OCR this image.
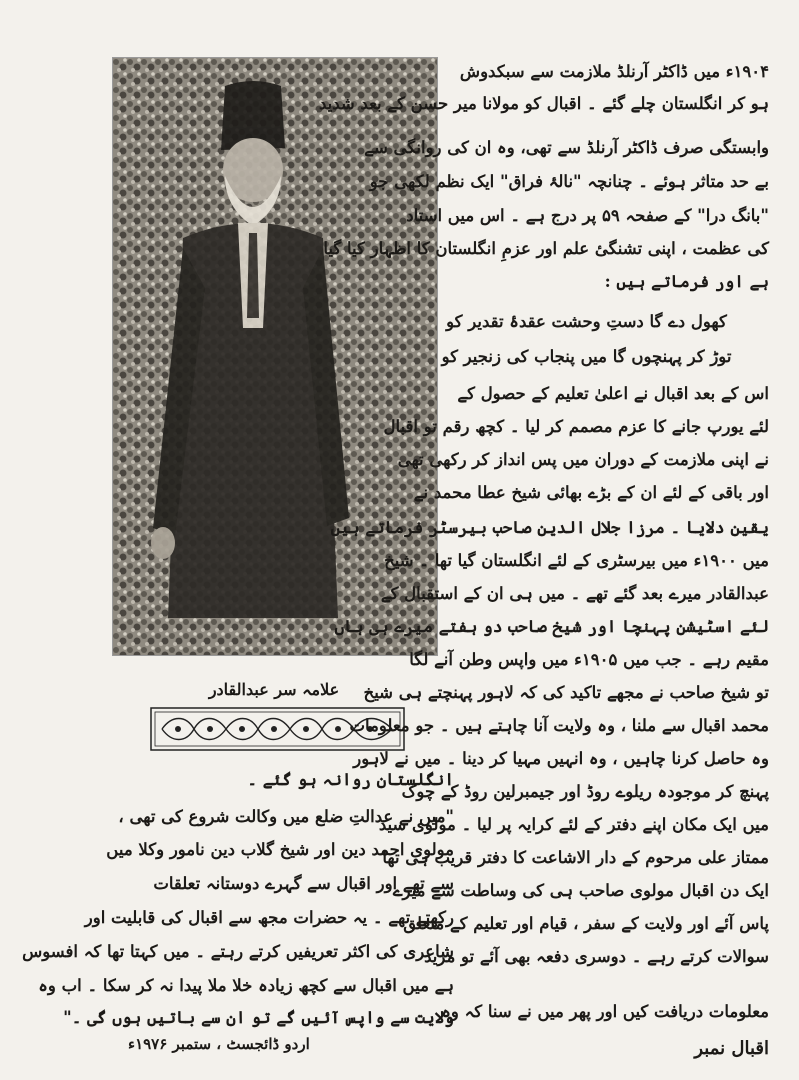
علامہ سر عبدالقادر
۱۹۰۴ء میں ڈاکٹر آرنلڈ ملازمت سے سبکدوش
ہو کر انگلستان چلے گئے ۔ اقبال کو مولانا میر حسن کے بعد شدید
وابستگی صرف ڈاکٹر آرنلڈ سے تھی، وہ ان کی روانگی سے
بے حد متاثر ہوئے ۔ چنانچہ "نالۂ فراق" ایک نظم لکھی جو
"بانگ درا" کے صفحہ ۵۹ پر درج ہے ۔ اس میں استاد
کی عظمت ، اپنی تشنگیٔ علم اور عزمِ انگلستان کا اظہار کیا گیا
ہے اور فرماتے ہیں :
کھول دے گا دستِ وحشت عقدۂ تقدیر کو
توڑ کر پہنچوں گا میں پنجاب کی زنجیر کو
اس کے بعد اقبال نے اعلیٰ تعلیم کے حصول کے
لئے یورپ جانے کا عزم مصمم کر لیا ۔ کچھ رقم تو اقبال
نے اپنی ملازمت کے دوران میں پس انداز کر رکھی تھی
اور باقی کے لئے ان کے بڑے بھائی شیخ عطا محمد نے
یقین دلایا ۔ مرزا جلال الدین صاحب بیرسٹر فرماتے ہیں
میں ۱۹۰۰ء میں بیرسٹری کے لئے انگلستان گیا تھا ۔ شیخ
عبدالقادر میرے بعد گئے تھے ۔ میں ہی ان کے استقبال کے
لئے اسٹیشن پہنچا اور شیخ صاحب دو ہفتے میرے ہی ہاں
مقیم رہے ۔ جب میں ۱۹۰۵ء میں واپس وطن آنے لگا
تو شیخ صاحب نے مجھے تاکید کی کہ لاہور پہنچتے ہی شیخ
محمد اقبال سے ملنا ، وہ ولایت آنا چاہتے ہیں ۔ جو معلومات
وہ حاصل کرنا چاہیں ، وہ انہیں مہیا کر دینا ۔ میں نے لاہور
پہنچ کر موجودہ ریلوے روڈ اور جیمبرلین روڈ کے چوک
میں ایک مکان اپنے دفتر کے لئے کرایہ پر لیا ۔ مولوی سید
ممتاز علی مرحوم کے دار الاشاعت کا دفتر قریب ہی تھا
ایک دن اقبال مولوی صاحب ہی کی وساطت سے میرے
پاس آئے اور ولایت کے سفر ، قیام اور تعلیم کے متعلق
سوالات کرتے رہے ۔ دوسری دفعہ بھی آئے تو مزید
معلومات دریافت کیں اور پھر میں نے سنا کہ وہ
انگلستان روانہ ہو گئے ۔
"میں نے عدالتِ ضلع میں وکالت شروع کی تھی ،
مولوی احمد دین اور شیخ گلاب دین نامور وکلا میں
سے تھے اور اقبال سے گہرے دوستانہ تعلقات
رکھتے تھے ۔ یہ حضرات مجھ سے اقبال کی قابلیت اور
شاعری کی اکثر تعریفیں کرتے رہتے ۔ میں کہتا تھا کہ افسوس
ہے میں اقبال سے کچھ زیادہ خلا ملا پیدا نہ کر سکا ۔ اب وہ
ولایت سے واپس آئیں گے تو ان سے باتیں ہوں گی ۔"
اردو ڈائجسٹ ، ستمبر ۱۹۷۶ء	اقبال نمبر
